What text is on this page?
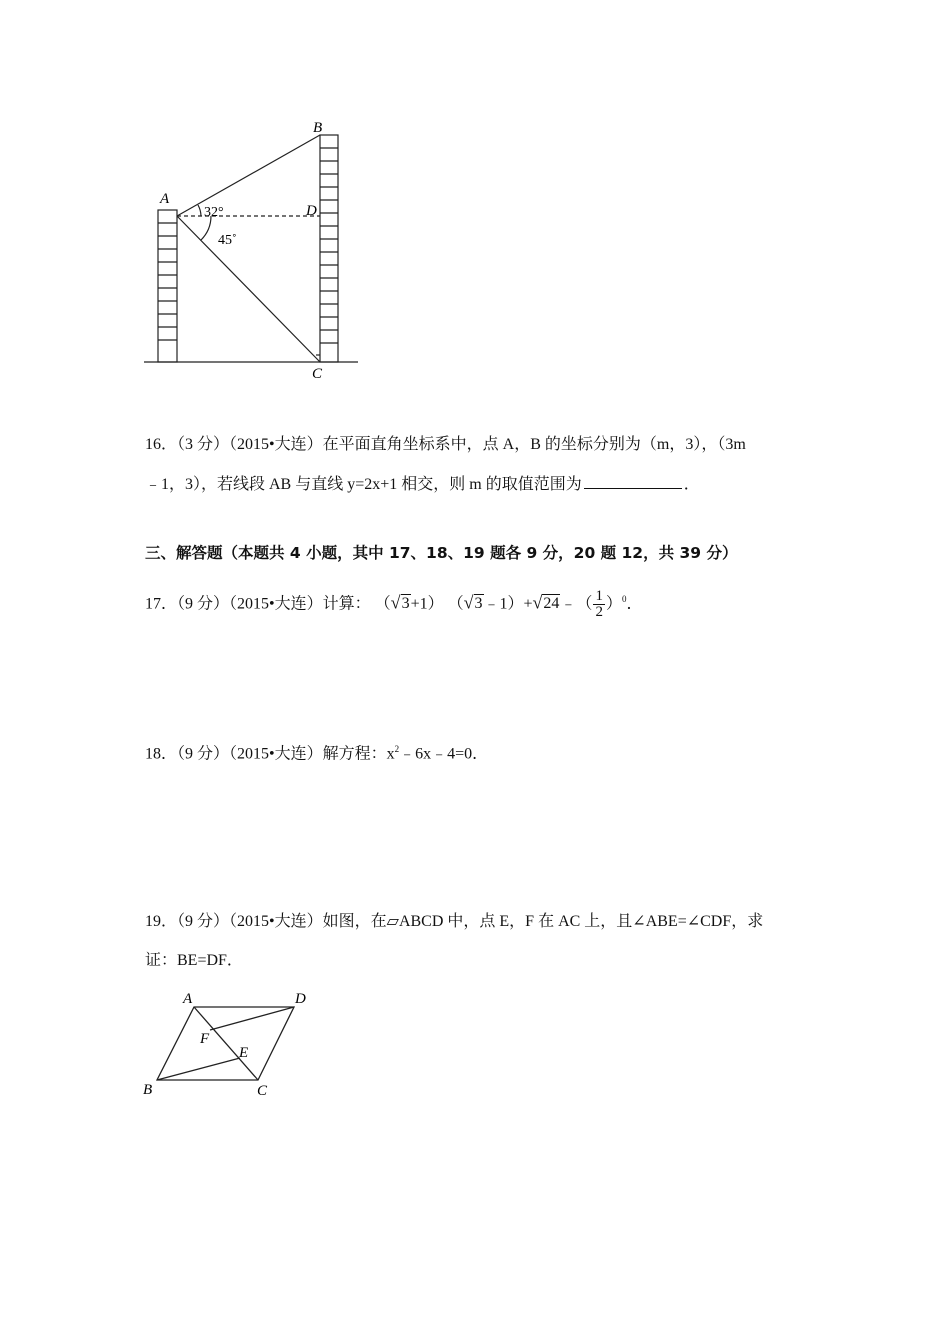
B
A
D
C
32°
45˚
16．（3 分）（2015•大连）在平面直角坐标系中，点 A，B 的坐标分别为（m，3），（3m
﹣1，3），若线段 AB 与直线 y=2x+1 相交，则 m 的取值范围为	．
三、解答题（本题共 4 小题，其中 17、18、19 题各 9 分，20 题 12，共 39 分）
17．（9 分）（2015•大连）计算： （√3+1） （√3﹣1）+√24﹣（ $\frac{1}{2} )^0$．
18．（9 分）（2015•大连）解方程：$x^2﹣6x﹣4=0$．
19．（9 分）（2015•大连）如图，在▱ABCD 中，点 E，F 在 AC 上，且∠ABE=∠CDF，求
证：BE=DF．
A	D
F
E
B	C
